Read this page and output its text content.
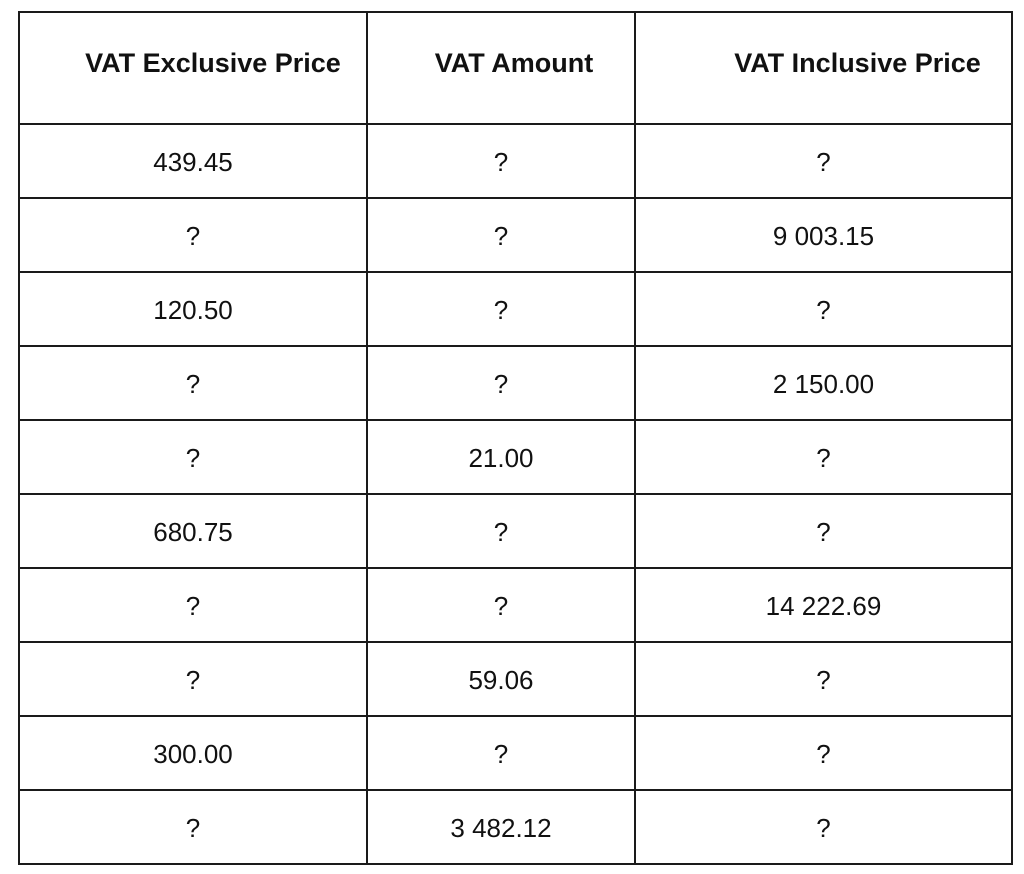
VAT Exclusive Price	VAT Amount	VAT Inclusive Price

439.45	?	?

?	?	9 003.15

120.50	?	?

?	?	2 150.00

?	21.00	?

680.75	?	?

?	?	14 222.69

?	59.06	?

300.00	?	?

?	3 482.12	?
